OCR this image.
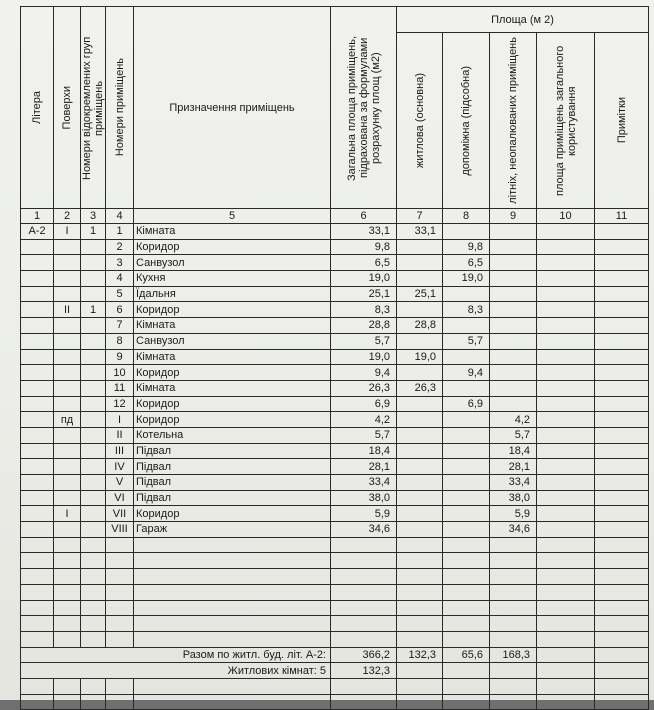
Літера	Поверхи	Номери відокремлених груп приміщень	Номери приміщень	Призначення приміщень	Загальна площа приміщень, підрахована за формулами розрахунку площ (м2)	Площа (м 2)				

						житлова (основна)	допоміжна (підсобна)	літніх, неопалюваних приміщень	площа приміщень загального користування	Примітки

1	2	3	4	5	6	7	8	9	10	11
А-2	І	1	1	Кімната	33,1	33,1				
			2	Коридор	9,8		9,8			
			3	Санвузол	6,5		6,5			
			4	Кухня	19,0		19,0			
			5	Їдальня	25,1	25,1				
	ІІ	1	6	Коридор	8,3		8,3			
			7	Кімната	28,8	28,8				
			8	Санвузол	5,7		5,7			
			9	Кімната	19,0	19,0				
			10	Коридор	9,4		9,4			
			11	Кімната	26,3	26,3				
			12	Коридор	6,9		6,9			
	пд		І	Коридор	4,2			4,2		
			ІІ	Котельна	5,7			5,7		
			ІІІ	Підвал	18,4			18,4		
			IV	Підвал	28,1			28,1		
			V	Підвал	33,4			33,4		
			VІ	Підвал	38,0			38,0		
	І		VІІ	Коридор	5,9			5,9		
			VІІІ	Гараж	34,6			34,6		

Разом по житл. буд. літ. А-2:					366,2	132,3	65,6	168,3		
Житлових кімнат: 5					132,3					
